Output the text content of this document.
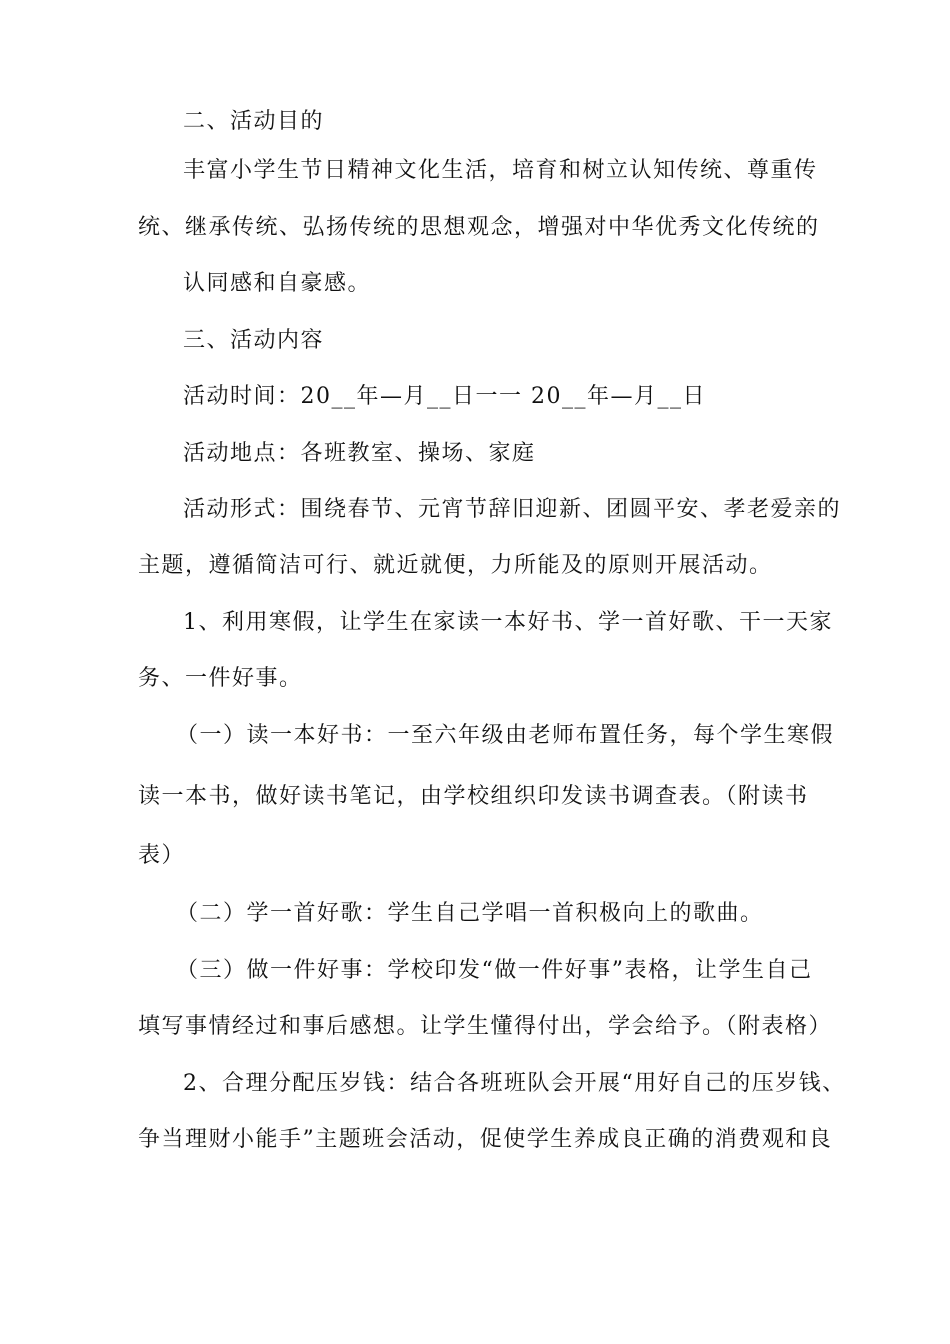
二、活动目的
丰富小学生节日精神文化生活，培育和树立认知传统、尊重传
统、继承传统、弘扬传统的思想观念，增强对中华优秀文化传统的
认同感和自豪感。
三、活动内容
活动时间：20__年—月__日一一 20__年—月__日
活动地点：各班教室、操场、家庭
活动形式：围绕春节、元宵节辞旧迎新、团圆平安、孝老爱亲的
主题，遵循简洁可行、就近就便，力所能及的原则开展活动。
1、利用寒假，让学生在家读一本好书、学一首好歌、干一天家
务、一件好事。
（一）读一本好书：一至六年级由老师布置任务，每个学生寒假
读一本书，做好读书笔记，由学校组织印发读书调查表。（附读书
表）
（二）学一首好歌：学生自己学唱一首积极向上的歌曲。
（三）做一件好事：学校印发“做一件好事”表格，让学生自己
填写事情经过和事后感想。让学生懂得付出，学会给予。（附表格）
2、合理分配压岁钱：结合各班班队会开展“用好自己的压岁钱、
争当理财小能手”主题班会活动，促使学生养成良正确的消费观和良
